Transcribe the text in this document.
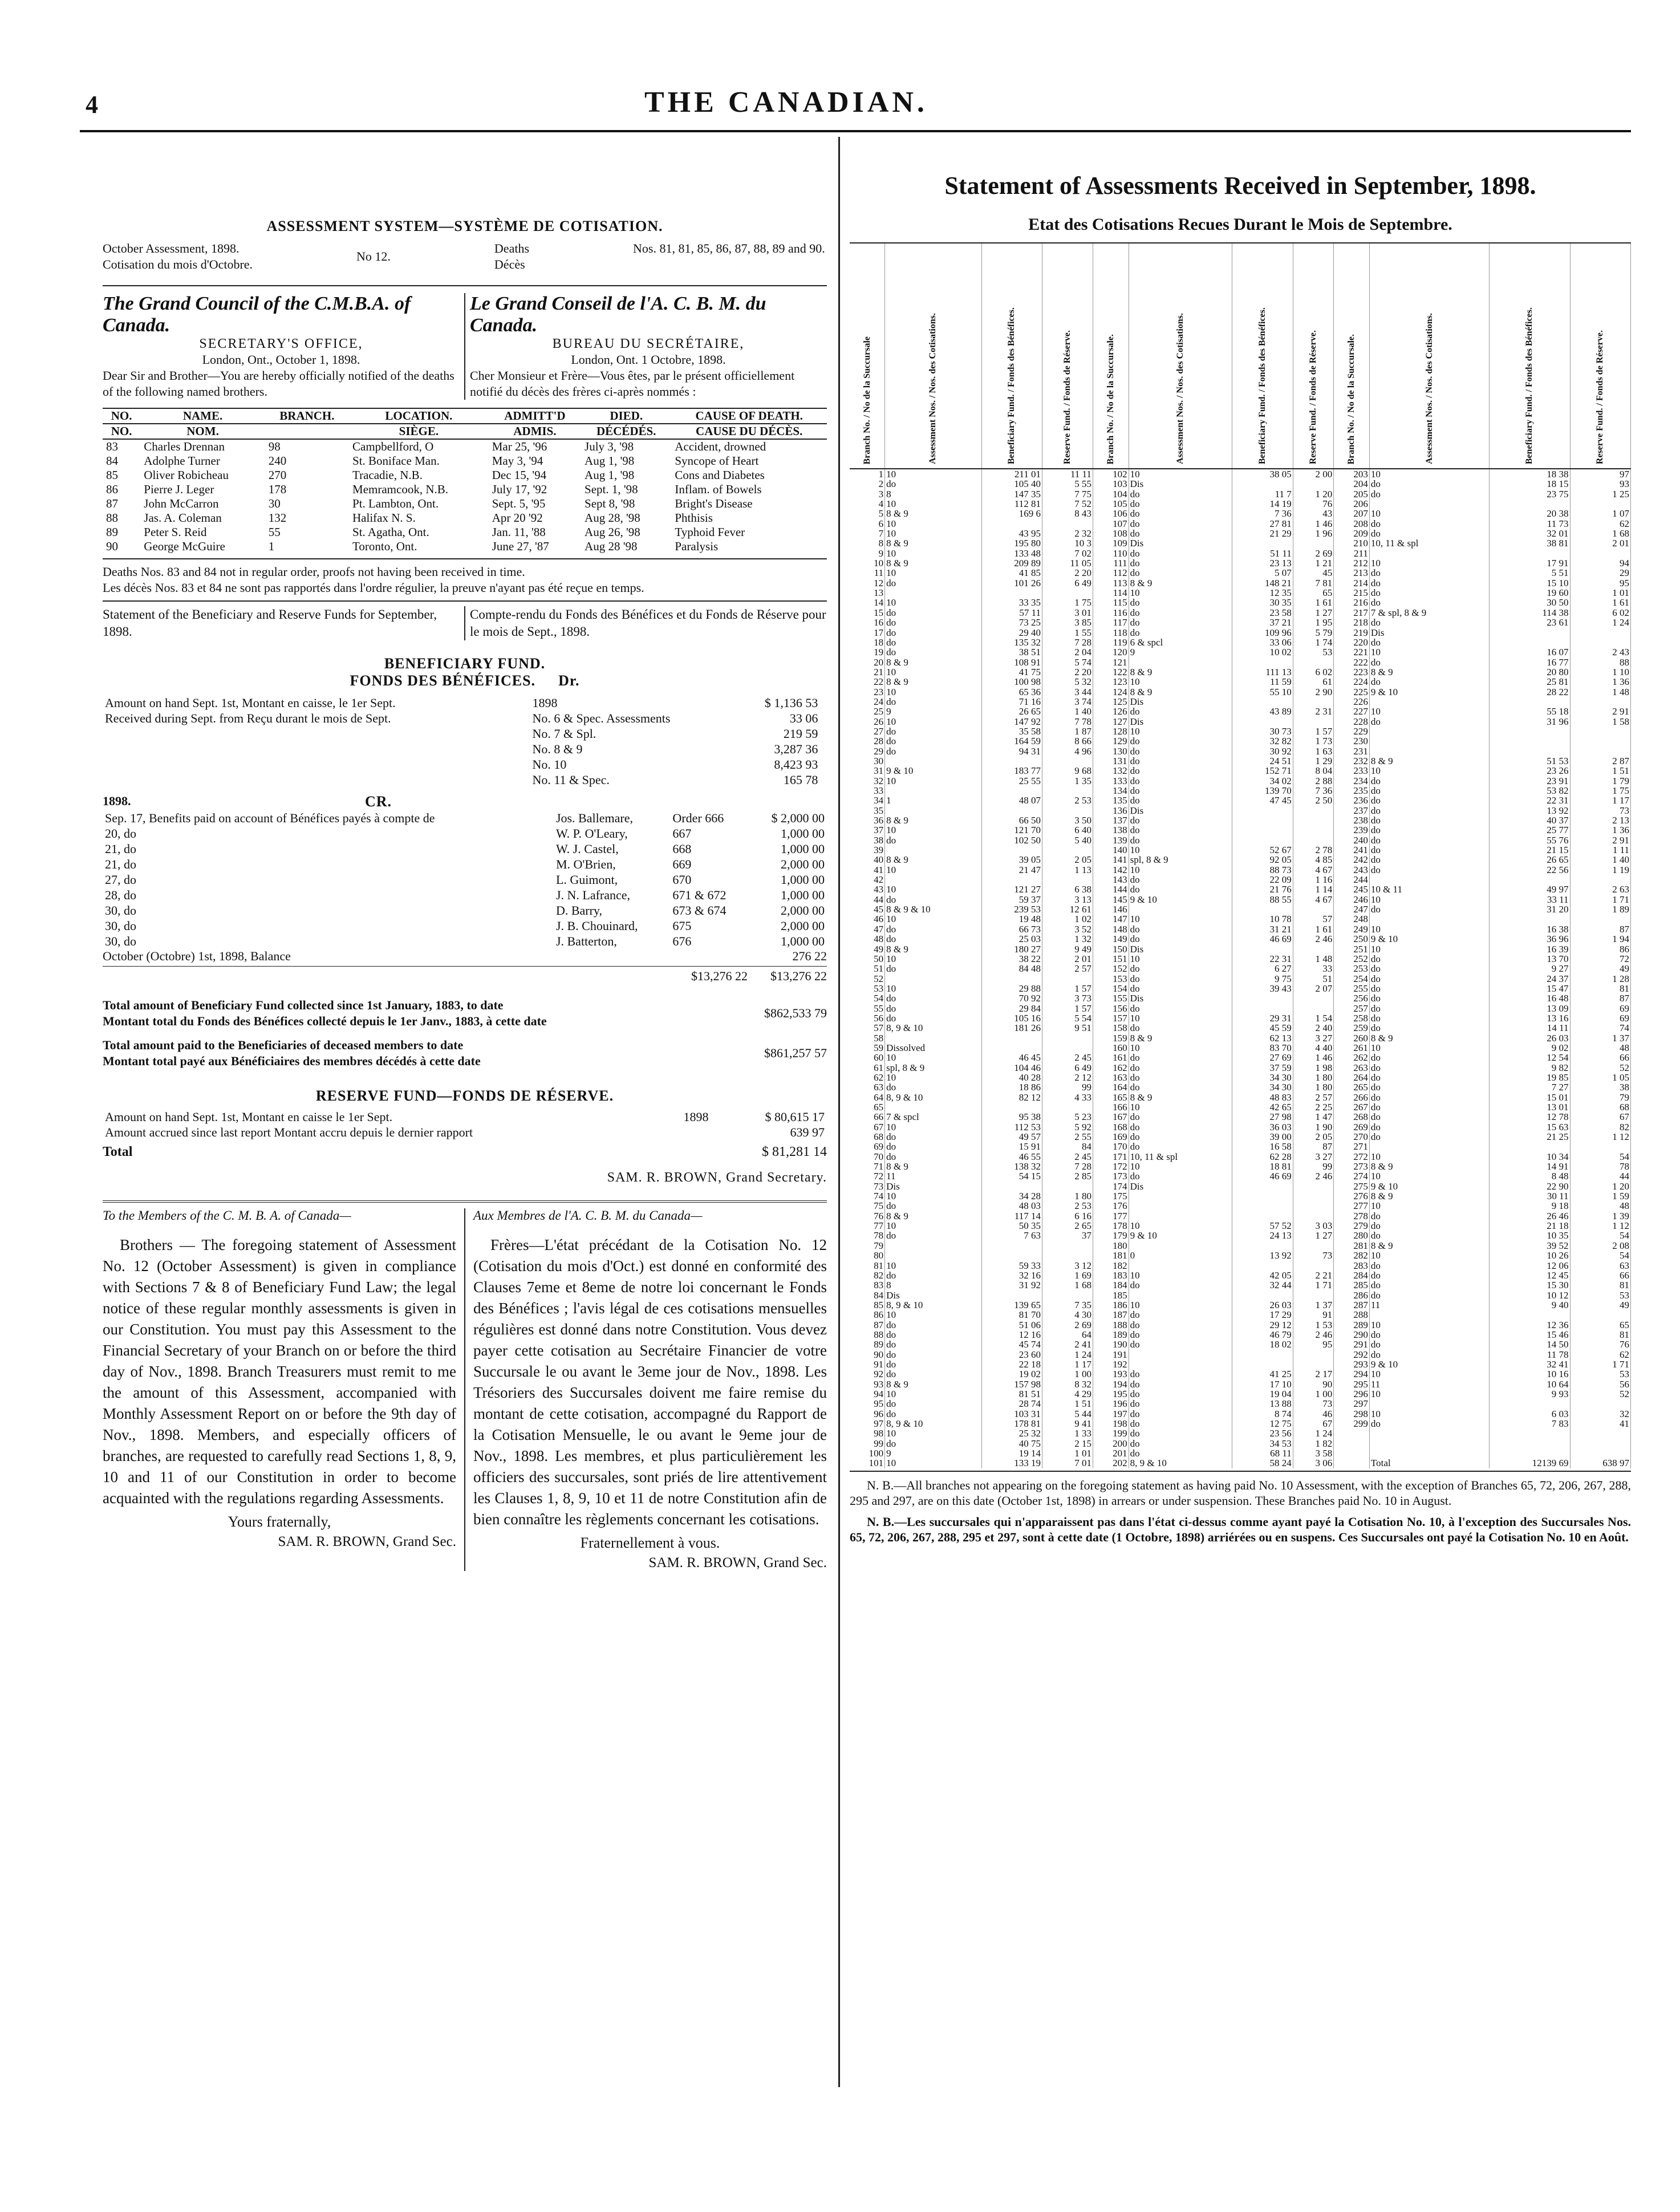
4	THE CANADIAN.
ASSESSMENT SYSTEM—SYSTÈME DE COTISATION.
October Assessment, 1898.
Cotisation du mois d'Octobre.
No 12.
Deaths
Décès
Nos. 81, 81, 85, 86, 87, 88, 89 and 90.
The Grand Council of the C.M.B.A. of Canada.
SECRETARY'S OFFICE,
London, Ont., October 1, 1898.
Dear Sir and Brother—You are hereby officially notified of the deaths of the following named brothers.
Le Grand Conseil de l'A. C. B. M. du Canada.
BUREAU DU SECRÉTAIRE,
London, Ont. 1 Octobre, 1898.
Cher Monsieur et Frère—Vous êtes, par le présent officiellement notifié du décès des frères ci-après nommés :
NO.	NAME.	BRANCH.	LOCATION.	ADMITT'D	DIED.	CAUSE OF DEATH.
NO.	NOM.		SIÈGE.	ADMIS.	DÉCÉDÉS.	CAUSE DU DÉCÈS.
83	Charles Drennan	98	Campbellford, O	Mar 25, '96	July 3, '98	Accident, drowned
84	Adolphe Turner	240	St. Boniface Man.	May 3, '94	Aug 1, '98	Syncope of Heart
85	Oliver Robicheau	270	Tracadie, N.B.	Dec 15, '94	Aug 1, '98	Cons and Diabetes
86	Pierre J. Leger	178	Memramcook, N.B.	July 17, '92	Sept. 1, '98	Inflam. of Bowels
87	John McCarron	30	Pt. Lambton, Ont.	Sept. 5, '95	Sept 8, '98	Bright's Disease
88	Jas. A. Coleman	132	Halifax N. S.	Apr 20 '92	Aug 28, '98	Phthisis
89	Peter S. Reid	55	St. Agatha, Ont.	Jan. 11, '88	Aug 26, '98	Typhoid Fever
90	George McGuire	1	Toronto, Ont.	June 27, '87	Aug 28 '98	Paralysis
Deaths Nos. 83 and 84 not in regular order, proofs not having been received in time.
Les décès Nos. 83 et 84 ne sont pas rapportés dans l'ordre régulier, la preuve n'ayant pas été reçue en temps.
Statement of the Beneficiary and Reserve Funds for September, 1898.
Compte-rendu du Fonds des Bénéfices et du Fonds de Réserve pour le mois de Sept., 1898.
BENEFICIARY FUND.
FONDS DES BÉNÉFICES. Dr.
Amount on hand Sept. 1st, Montant en caisse, le 1er Sept.	1898	$ 1,136 53	
Received during Sept. from Reçu durant le mois de Sept.	No. 6 & Spec. Assessments	33 06	
	No. 7 & Spl.	219 59	
	No. 8 & 9	3,287 36	
	No. 10	8,423 93	
	No. 11 & Spec.	165 78	
1898.	CR.
Sep. 17, Benefits paid on account of Bénéfices payés à compte de	Jos. Ballemare,	Order 666	$ 2,000 00
20, do	W. P. O'Leary,	667	1,000 00
21, do	W. J. Castel,	668	1,000 00
21, do	M. O'Brien,	669	2,000 00
27, do	L. Guimont,	670	1,000 00
28, do	J. N. Lafrance,	671 & 672	1,000 00
30, do	D. Barry,	673 & 674	2,000 00
30, do	J. B. Chouinard,	675	2,000 00
30, do	J. Batterton,	676	1,000 00
October (Octobre) 1st, 1898, Balance	276 22
$13,276 22 $13,276 22
Total amount of Beneficiary Fund collected since 1st January, 1883, to date
Montant total du Fonds des Bénéfices collecté depuis le 1er Janv., 1883, à cette date
$862,533 79
Total amount paid to the Beneficiaries of deceased members to date
Montant total payé aux Bénéficiaires des membres décédés à cette date
$861,257 57
RESERVE FUND—FONDS DE RÉSERVE.
Amount on hand Sept. 1st, Montant en caisse le 1er Sept.	1898	$ 80,615 17
Amount accrued since last report Montant accru depuis le dernier rapport		639 97
Total	$ 81,281 14
SAM. R. BROWN, Grand Secretary.
To the Members of the C. M. B. A. of Canada—
Brothers — The foregoing statement of Assessment No. 12 (October Assessment) is given in compliance with Sections 7 & 8 of Beneficiary Fund Law; the legal notice of these regular monthly assessments is given in our Constitution. You must pay this Assessment to the Financial Secretary of your Branch on or before the third day of Nov., 1898. Branch Treasurers must remit to me the amount of this Assessment, accompanied with Monthly Assessment Report on or before the 9th day of Nov., 1898. Members, and especially officers of branches, are requested to carefully read Sections 1, 8, 9, 10 and 11 of our Constitution in order to become acquainted with the regulations regarding Assessments.
Yours fraternally,
SAM. R. BROWN, Grand Sec.
Aux Membres de l'A. C. B. M. du Canada—
Frères—L'état précédant de la Cotisation No. 12 (Cotisation du mois d'Oct.) est donné en conformité des Clauses 7eme et 8eme de notre loi concernant le Fonds des Bénéfices ; l'avis légal de ces cotisations mensuelles régulières est donné dans notre Constitution. Vous devez payer cette cotisation au Secrétaire Financier de votre Succursale le ou avant le 3eme jour de Nov., 1898. Les Trésoriers des Succursales doivent me faire remise du montant de cette cotisation, accompagné du Rapport de la Cotisation Mensuelle, le ou avant le 9eme jour de Nov., 1898. Les membres, et plus particulièrement les officiers des succursales, sont priés de lire attentivement les Clauses 1, 8, 9, 10 et 11 de notre Constitution afin de bien connaître les règlements concernant les cotisations.
Fraternellement à vous.
SAM. R. BROWN, Grand Sec.
Statement of Assessments Received in September, 1898.
Etat des Cotisations Recues Durant le Mois de Septembre.
Branch No. / No de la Succursale	Assessment Nos. / Nos. des Cotisations.	Beneficiary Fund. / Fonds des Bénéfices.	Reserve Fund. / Fonds de Réserve.	Branch No. / No de la Succursale.	Assessment Nos. / Nos. des Cotisations.	Beneficiary Fund. / Fonds des Bénéfices.	Reserve Fund. / Fonds de Réserve.	Branch No. / No de la Succursale.	Assessment Nos. / Nos. des Cotisations.	Beneficiary Fund. / Fonds des Bénéfices.	Reserve Fund. / Fonds de Réserve.
1	10	211 01	11 11	102	10	38 05	2 00	203	10	18 38	97
2	do	105 40	5 55	103	Dis			204	do	18 15	93
3	8	147 35	7 75	104	do	11 7	1 20	205	do	23 75	1 25
4	10	112 81	7 52	105	do	14 19	76	206			
5	8 & 9	169 6	8 43	106	do	7 36	43	207	10	20 38	1 07
6	10			107	do	27 81	1 46	208	do	11 73	62
7	10	43 95	2 32	108	do	21 29	1 96	209	do	32 01	1 68
8	8 & 9	195 80	10 3	109	Dis			210	10, 11 & spl	38 81	2 01
9	10	133 48	7 02	110	do	51 11	2 69	211			
10	8 & 9	209 89	11 05	111	do	23 13	1 21	212	10	17 91	94
11	10	41 85	2 20	112	do	5 07	45	213	do	5 51	29
12	do	101 26	6 49	113	8 & 9	148 21	7 81	214	do	15 10	95
13				114	10	12 35	65	215	do	19 60	1 01
14	10	33 35	1 75	115	do	30 35	1 61	216	do	30 50	1 61
15	do	57 11	3 01	116	do	23 58	1 27	217	7 & spl, 8 & 9	114 38	6 02
16	do	73 25	3 85	117	do	37 21	1 95	218	do	23 61	1 24
17	do	29 40	1 55	118	do	109 96	5 79	219	Dis		
18	do	135 32	7 28	119	6 & spcl	33 06	1 74	220	do		
19	do	38 51	2 04	120	9	10 02	53	221	10	16 07	2 43
20	8 & 9	108 91	5 74	121				222	do	16 77	88
21	10	41 75	2 20	122	8 & 9	111 13	6 02	223	8 & 9	20 80	1 10
22	8 & 9	100 98	5 32	123	10	11 59	61	224	do	25 81	1 36
23	10	65 36	3 44	124	8 & 9	55 10	2 90	225	9 & 10	28 22	1 48
24	do	71 16	3 74	125	Dis			226			
25	9	26 65	1 40	126	do	43 89	2 31	227	10	55 18	2 91
26	10	147 92	7 78	127	Dis			228	do	31 96	1 58
27	do	35 58	1 87	128	10	30 73	1 57	229			
28	do	164 59	8 66	129	do	32 82	1 73	230			
29	do	94 31	4 96	130	do	30 92	1 63	231			
30				131	do	24 51	1 29	232	8 & 9	51 53	2 87
31	9 & 10	183 77	9 68	132	do	152 71	8 04	233	10	23 26	1 51
32	10	25 55	1 35	133	do	34 02	2 88	234	do	23 91	1 79
33				134	do	139 70	7 36	235	do	53 82	1 75
34	1	48 07	2 53	135	do	47 45	2 50	236	do	22 31	1 17
35				136	Dis			237	do	13 92	73
36	8 & 9	66 50	3 50	137	do			238	do	40 37	2 13
37	10	121 70	6 40	138	do			239	do	25 77	1 36
38	do	102 50	5 40	139	do			240	do	55 76	2 91
39				140	10	52 67	2 78	241	do	21 15	1 11
40	8 & 9	39 05	2 05	141	spl, 8 & 9	92 05	4 85	242	do	26 65	1 40
41	10	21 47	1 13	142	10	88 73	4 67	243	do	22 56	1 19
42				143	do	22 09	1 16	244			
43	10	121 27	6 38	144	do	21 76	1 14	245	10 & 11	49 97	2 63
44	do	59 37	3 13	145	9 & 10	88 55	4 67	246	10	33 11	1 71
45	8 & 9 & 10	239 53	12 61	146				247	do	31 20	1 89
46	10	19 48	1 02	147	10	10 78	57	248			
47	do	66 73	3 52	148	do	31 21	1 61	249	10	16 38	87
48	do	25 03	1 32	149	do	46 69	2 46	250	9 & 10	36 96	1 94
49	8 & 9	180 27	9 49	150	Dis			251	10	16 39	86
50	10	38 22	2 01	151	10	22 31	1 48	252	do	13 70	72
51	do	84 48	2 57	152	do	6 27	33	253	do	9 27	49
52				153	do	9 75	51	254	do	24 37	1 28
53	10	29 88	1 57	154	do	39 43	2 07	255	do	15 47	81
54	do	70 92	3 73	155	Dis			256	do	16 48	87
55	do	29 84	1 57	156	do			257	do	13 09	69
56	do	105 16	5 54	157	10	29 31	1 54	258	do	13 16	69
57	8, 9 & 10	181 26	9 51	158	do	45 59	2 40	259	do	14 11	74
58				159	8 & 9	62 13	3 27	260	8 & 9	26 03	1 37
59	Dissolved			160	10	83 70	4 40	261	10	9 02	48
60	10	46 45	2 45	161	do	27 69	1 46	262	do	12 54	66
61	spl, 8 & 9	104 46	6 49	162	do	37 59	1 98	263	do	9 82	52
62	10	40 28	2 12	163	do	34 30	1 80	264	do	19 85	1 05
63	do	18 86	99	164	do	34 30	1 80	265	do	7 27	38
64	8, 9 & 10	82 12	4 33	165	8 & 9	48 83	2 57	266	do	15 01	79
65				166	10	42 65	2 25	267	do	13 01	68
66	7 & spcl	95 38	5 23	167	do	27 98	1 47	268	do	12 78	67
67	10	112 53	5 92	168	do	36 03	1 90	269	do	15 63	82
68	do	49 57	2 55	169	do	39 00	2 05	270	do	21 25	1 12
69	do	15 91	84	170	do	16 58	87	271			
70	do	46 55	2 45	171	10, 11 & spl	62 28	3 27	272	10	10 34	54
71	8 & 9	138 32	7 28	172	10	18 81	99	273	8 & 9	14 91	78
72	11	54 15	2 85	173	do	46 69	2 46	274	10	8 48	44
73	Dis			174	Dis			275	9 & 10	22 90	1 20
74	10	34 28	1 80	175				276	8 & 9	30 11	1 59
75	do	48 03	2 53	176				277	10	9 18	48
76	8 & 9	117 14	6 16	177				278	do	26 46	1 39
77	10	50 35	2 65	178	10	57 52	3 03	279	do	21 18	1 12
78	do	7 63	37	179	9 & 10	24 13	1 27	280	do	10 35	54
79				180				281	8 & 9	39 52	2 08
80				181	0	13 92	73	282	10	10 26	54
81	10	59 33	3 12	182				283	do	12 06	63
82	do	32 16	1 69	183	10	42 05	2 21	284	do	12 45	66
83	8	31 92	1 68	184	do	32 44	1 71	285	do	15 30	81
84	Dis			185				286	do	10 12	53
85	8, 9 & 10	139 65	7 35	186	10	26 03	1 37	287	11	9 40	49
86	10	81 70	4 30	187	do	17 29	91	288			
87	do	51 06	2 69	188	do	29 12	1 53	289	10	12 36	65
88	do	12 16	64	189	do	46 79	2 46	290	do	15 46	81
89	do	45 74	2 41	190	do	18 02	95	291	do	14 50	76
90	do	23 60	1 24	191				292	do	11 78	62
91	do	22 18	1 17	192				293	9 & 10	32 41	1 71
92	do	19 02	1 00	193	do	41 25	2 17	294	10	10 16	53
93	8 & 9	157 98	8 32	194	do	17 10	90	295	11	10 64	56
94	10	81 51	4 29	195	do	19 04	1 00	296	10	9 93	52
95	do	28 74	1 51	196	do	13 88	73	297			
96	do	103 31	5 44	197	do	8 74	46	298	10	6 03	32
97	8, 9 & 10	178 81	9 41	198	do	12 75	67	299	do	7 83	41
98	10	25 32	1 33	199	do	23 56	1 24				
99	do	40 75	2 15	200	do	34 53	1 82				
100	9	19 14	1 01	201	do	68 11	3 58				
101	10	133 19	7 01	202	8, 9 & 10	58 24	3 06		Total	12139 69	638 97
N. B.—All branches not appearing on the foregoing statement as having paid No. 10 Assessment, with the exception of Branches 65, 72, 206, 267, 288, 295 and 297, are on this date (October 1st, 1898) in arrears or under suspension. These Branches paid No. 10 in August.
N. B.—Les succursales qui n'apparaissent pas dans l'état ci-dessus comme ayant payé la Cotisation No. 10, à l'exception des Succursales Nos. 65, 72, 206, 267, 288, 295 et 297, sont à cette date (1 Octobre, 1898) arriérées ou en suspens. Ces Succursales ont payé la Cotisation No. 10 en Août.
